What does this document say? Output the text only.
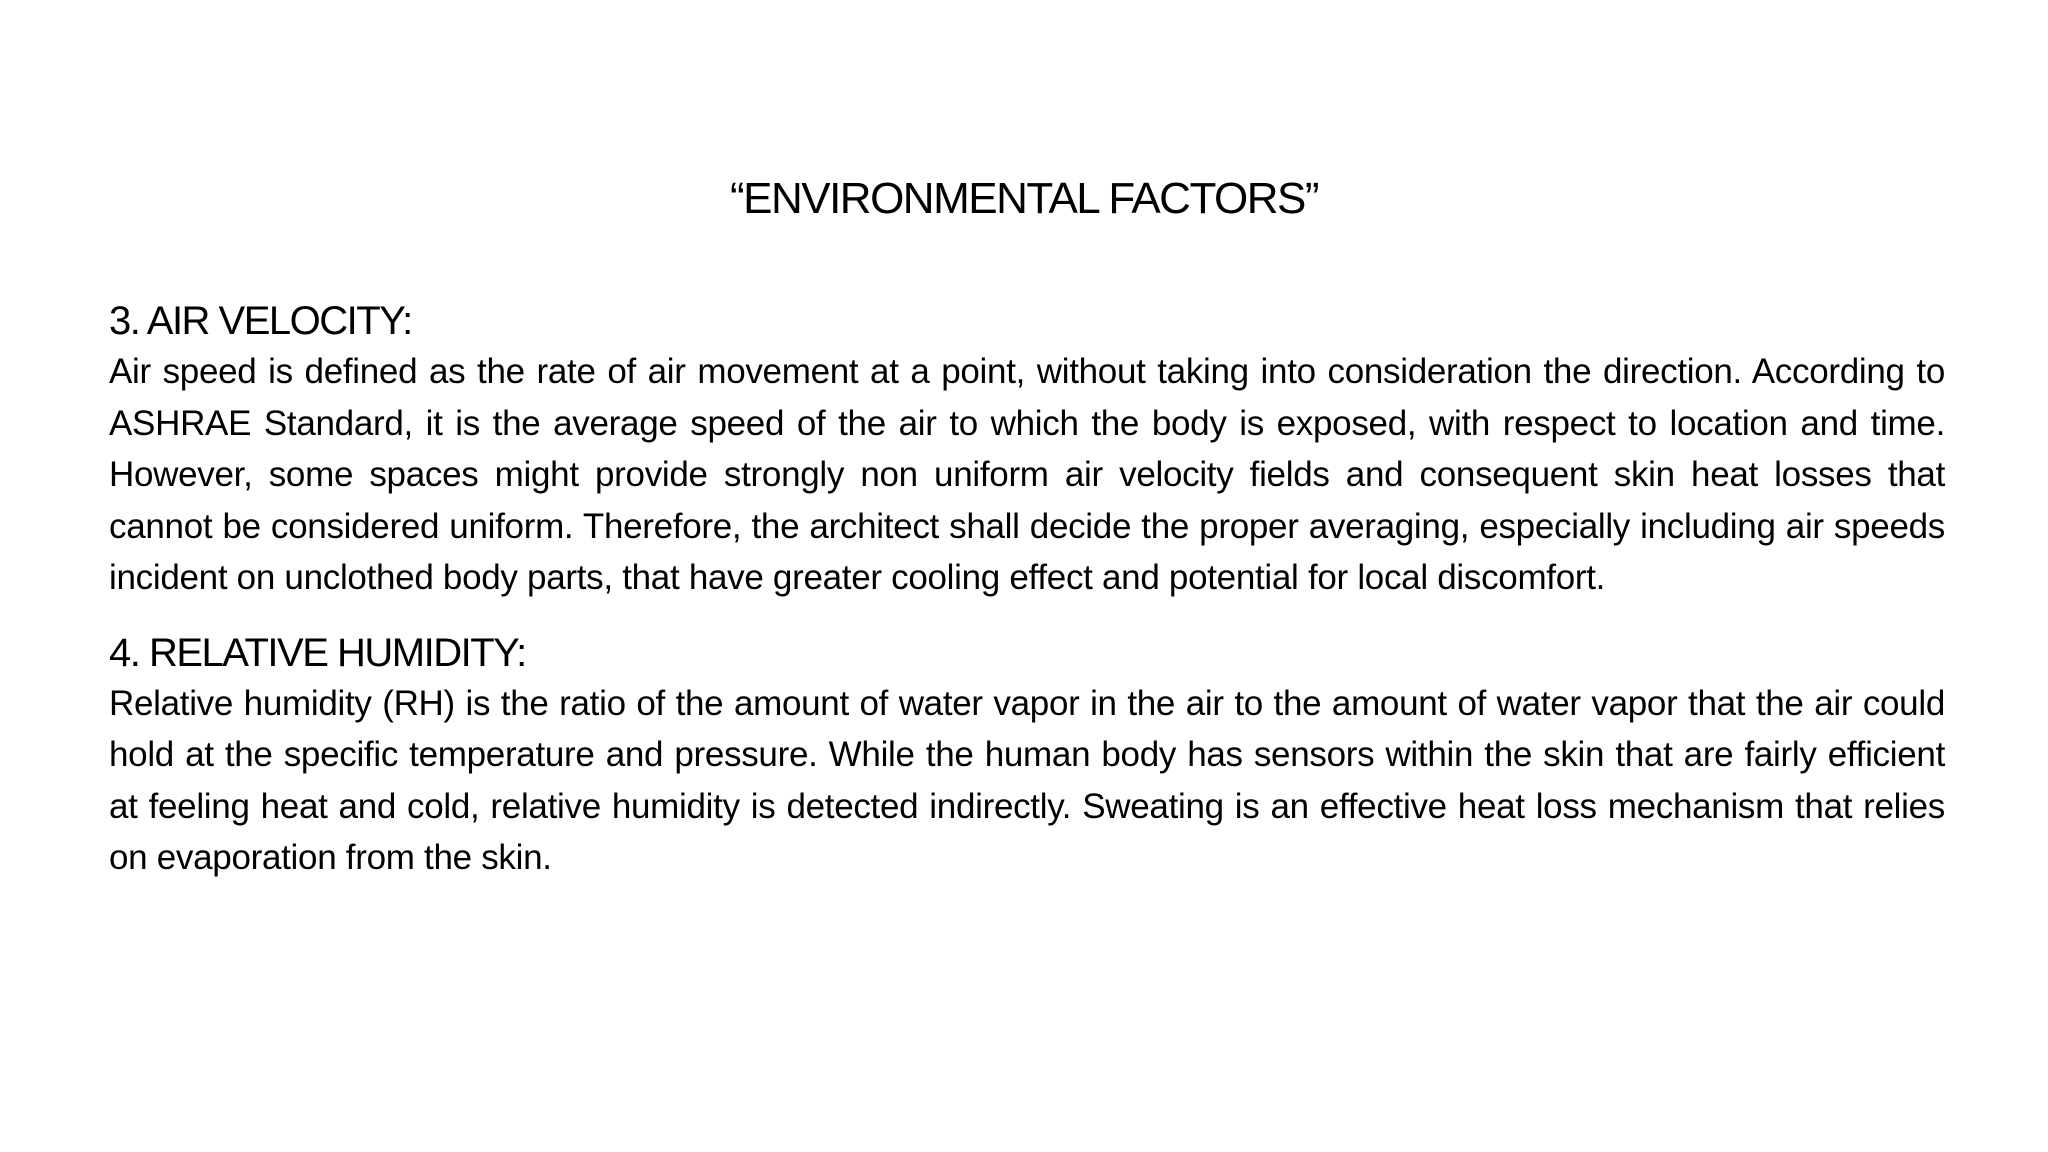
“ENVIRONMENTAL FACTORS”
3. AIR VELOCITY:

Air speed is defined as the rate of air movement at a point, without taking into consideration the direction. According to ASHRAE Standard, it is the average speed of the air to which the body is exposed, with respect to location and time. However, some spaces might provide strongly non uniform air velocity fields and consequent skin heat losses that cannot be considered uniform. Therefore, the architect shall decide the proper averaging, especially including air speeds incident on unclothed body parts, that have greater cooling effect and potential for local discomfort.

4. RELATIVE HUMIDITY:

Relative humidity (RH) is the ratio of the amount of water vapor in the air to the amount of water vapor that the air could hold at the specific temperature and pressure. While the human body has sensors within the skin that are fairly efficient at feeling heat and cold, relative humidity is detected indirectly. Sweating is an effective heat loss mechanism that relies on evaporation from the skin.
